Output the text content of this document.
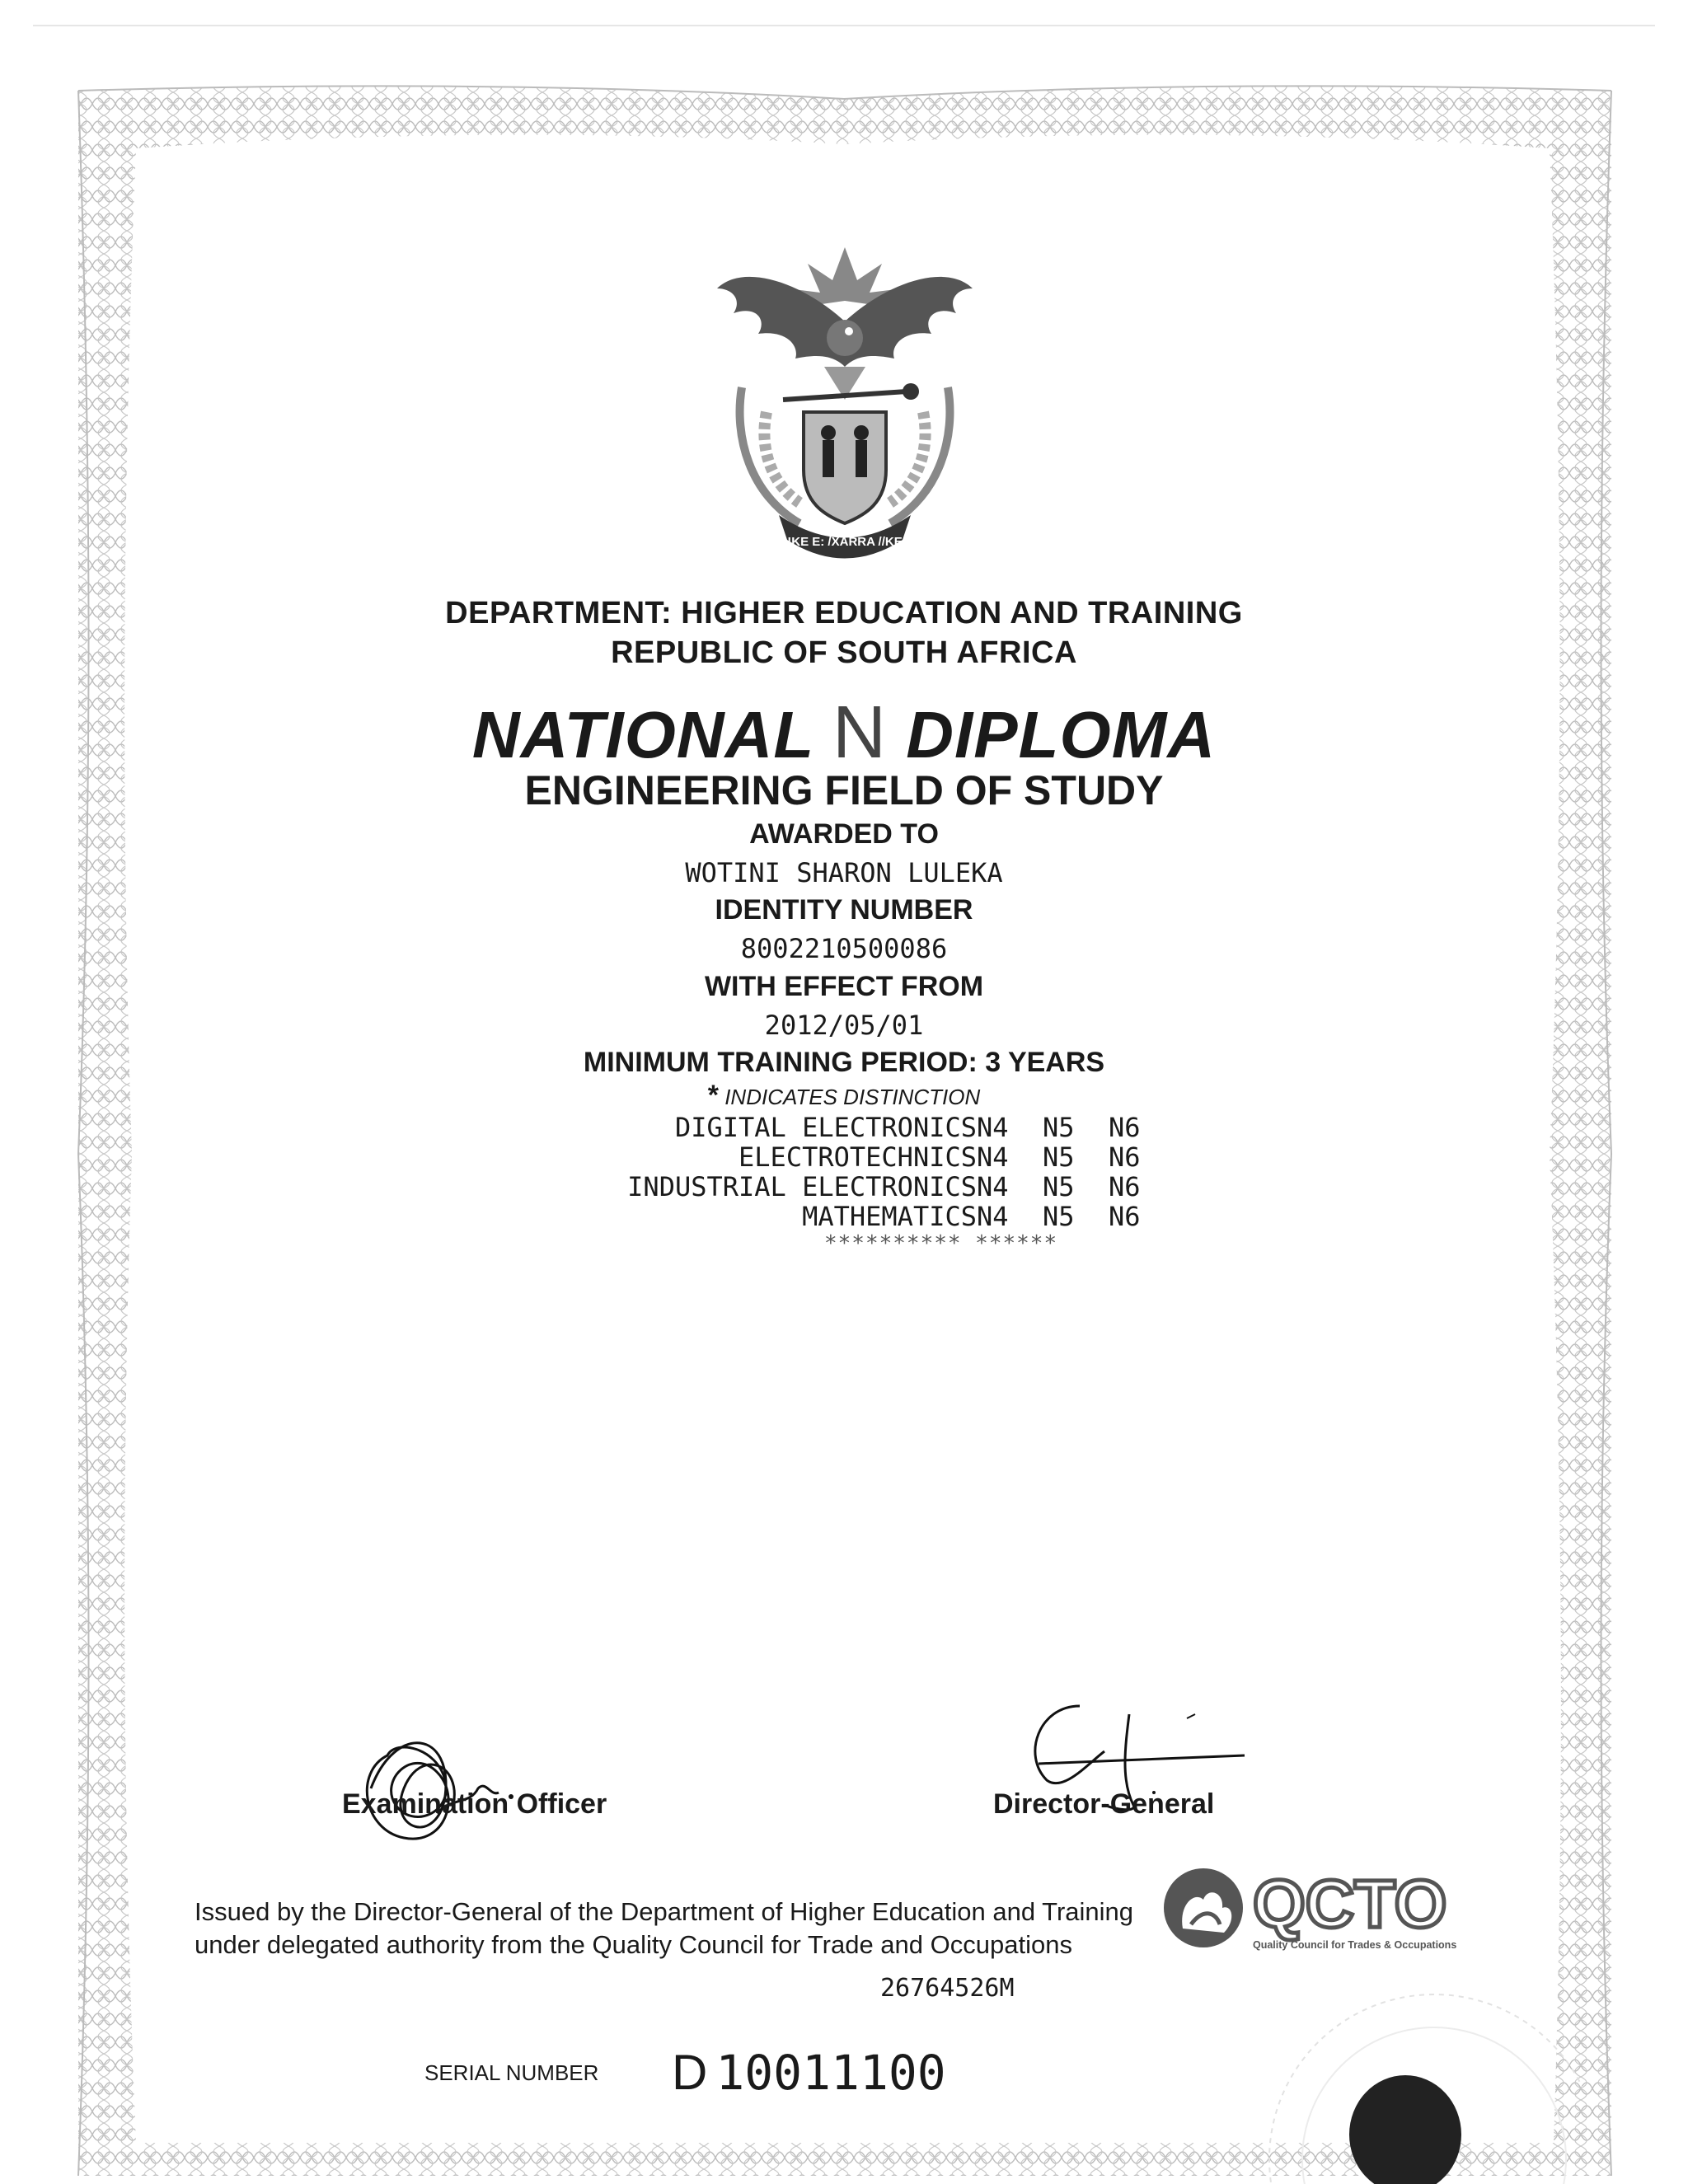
!KE E: /XARRA //KE
DEPARTMENT: HIGHER EDUCATION AND TRAINING
REPUBLIC OF SOUTH AFRICA
NATIONAL N DIPLOMA
ENGINEERING FIELD OF STUDY
AWARDED TO
WOTINI SHARON LULEKA
IDENTITY NUMBER
8002210500086
WITH EFFECT FROM
2012/05/01
MINIMUM TRAINING PERIOD: 3 YEARS
* INDICATES DISTINCTION
DIGITAL ELECTRONICS	N4	N5	N6
ELECTROTECHNICS	N4	N5	N6
INDUSTRIAL ELECTRONICS	N4	N5	N6
MATHEMATICS	N4	N5	N6
********** ******
Examination Officer	Director-General
Issued by the Director-General of the Department of Higher Education and Training
under delegated authority from the Quality Council for Trade and Occupations
QCTO
Quality Council for Trades & Occupations
26764526M
SERIAL NUMBER D 10011100
